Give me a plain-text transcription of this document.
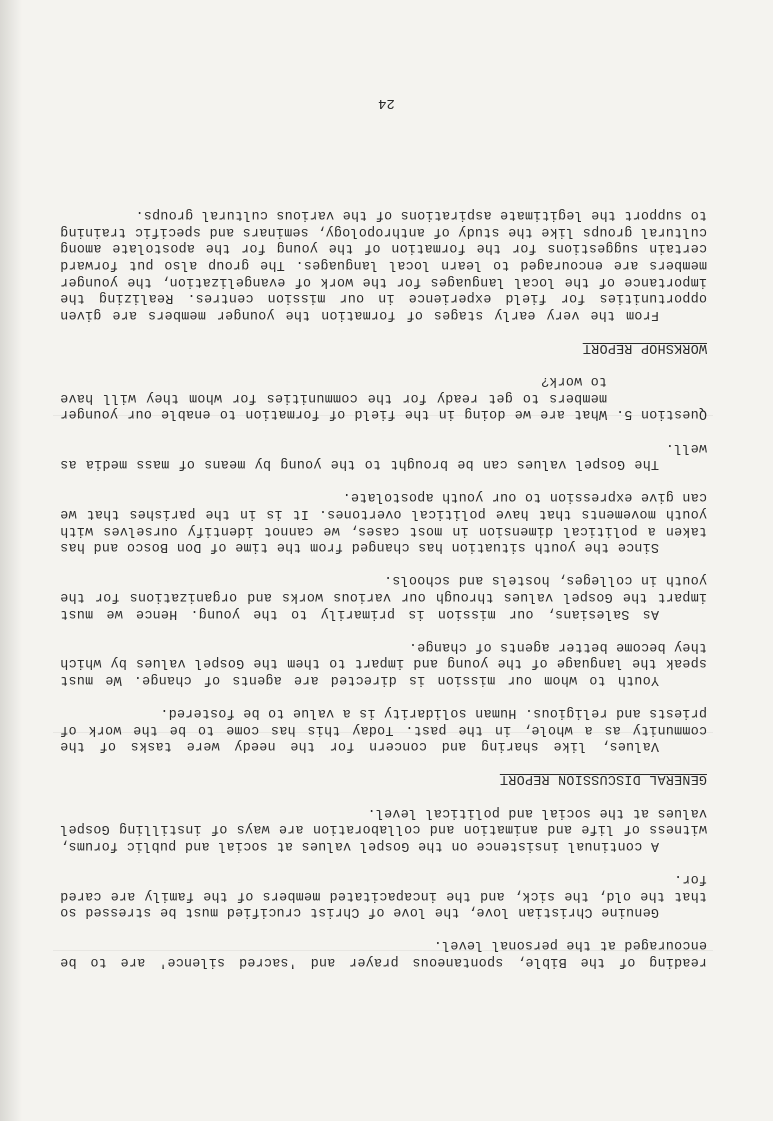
reading of the Bible, spontaneous prayer and 'sacred silence' are to be encouraged at the personal level.

Genuine Christian love, the love of Christ crucified must be stressed so that the old, the sick, and the incapacitated members of the family are cared for.

A continual insistence on the Gospel values at social and public forums, witness of life and animation and collaboration are ways of instilling Gospel values at the social and political level.

GENERAL DISCUSSION REPORT

Values, like sharing and concern for the needy were tasks of the community as a whole, in the past. Today this has come to be the work of priests and religious. Human solidarity is a value to be fostered.

Youth to whom our mission is directed are agents of change. We must speak the language of the young and impart to them the Gospel values by which they become better agents of change.

As Salesians, our mission is primarily to the young. Hence we must impart the Gospel values through our various works and organizations for the youth in colleges, hostels and schools.

Since the youth situation has changed from the time of Don Bosco and has taken a political dimension in most cases, we cannot identify ourselves with youth movements that have political overtones. It is in the parishes that we can give expression to our youth apostolate.

The Gospel values can be brought to the young by means of mass media as well.

Question 5.
What are we doing in the field of formation to enable our younger members to get ready for the communities for whom they will have to work?
WORKSHOP REPORT

From the very early stages of formation the younger members are given opportunities for field experience in our mission centres. Realizing the importance of the local languages for the work of evangelization, the younger members are encouraged to learn local languages. The group also put forward certain suggestions for the formation of the young for the apostolate among cultural groups like the study of anthropology, seminars and specific training to support the legitimate aspirations of the various cultural groups.

24
